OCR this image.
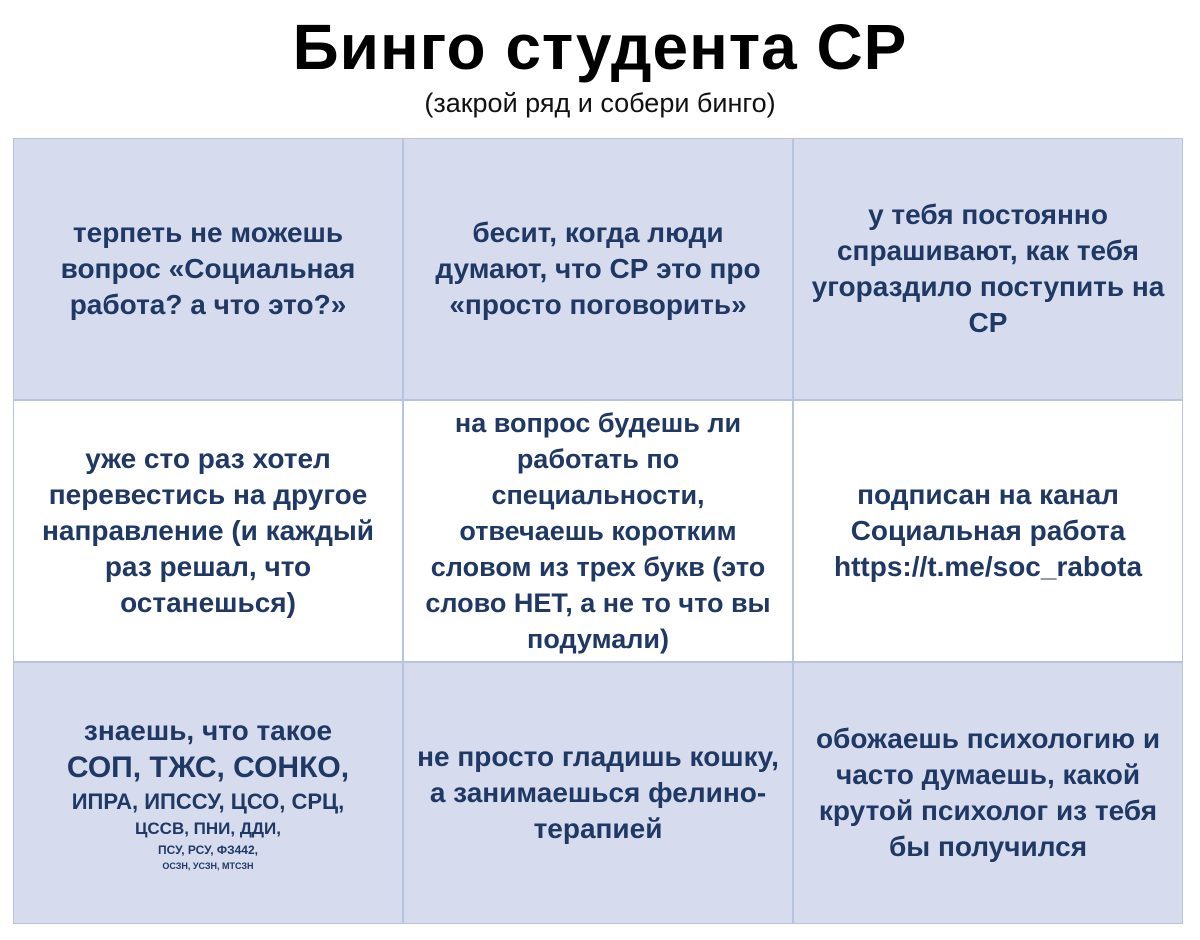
Бинго студента СР
(закрой ряд и собери бинго)
терпеть не можешь вопрос «Социальная работа? а что это?»
бесит, когда люди думают, что СР это про «просто поговорить»
у тебя постоянно спрашивают, как тебя угораздило поступить на СР
уже сто раз хотел перевестись на другое направление (и каждый раз решал, что останешься)
на вопрос будешь ли работать по специальности, отвечаешь коротким словом из трех букв (это слово НЕТ, а не то что вы подумали)
подписан на канал Социальная работа https://t.me/soc_rabota
знаешь, что такое
СОП, ТЖС, СОНКО,
ИПРА, ИПССУ, ЦСО, СРЦ,
ЦССВ, ПНИ, ДДИ,
ПСУ, РСУ, ФЗ442,
ОСЗН, УСЗН, МТСЗН
не просто гладишь кошку, а занимаешься фелино-терапией
обожаешь психологию и часто думаешь, какой крутой психолог из тебя бы получился
